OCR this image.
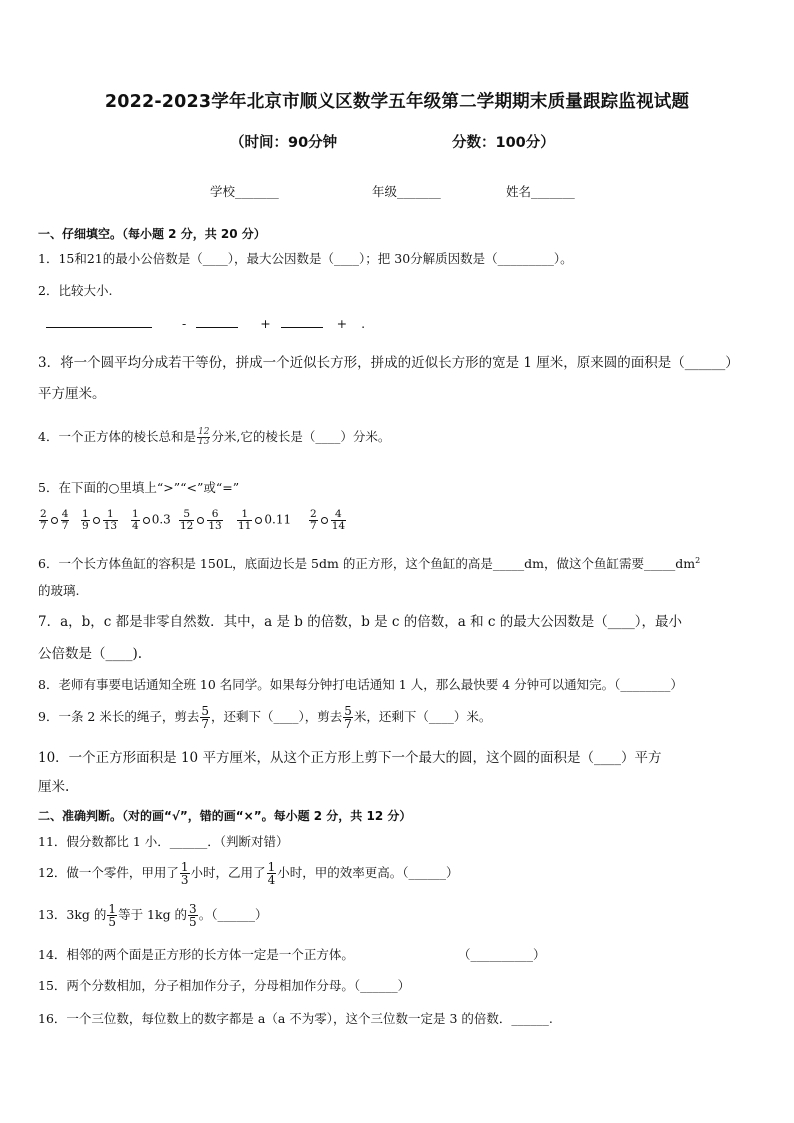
2022-2023学年北京市顺义区数学五年级第二学期期末质量跟踪监视试题
（时间：90分钟	分数：100分）
学校_______	年级_______	姓名_______
一、仔细填空。（每小题 2 分，共 20 分）
1．15和21的最小公倍数是（____），最大公因数是（____）；把 30分解质因数是（_________）。
2．比较大小.
-	+	+ .
3．将一个圆平均分成若干等份，拼成一个近似长方形，拼成的近似长方形的宽是 1 厘米，原来圆的面积是（______）
平方厘米。
4．一个正方体的棱长总和是 $\frac{12}{13}$ 分米,它的棱长是（____）分米。
5．在下面的○里填上“>”“<”或“=”
$\frac{2}{7} \frac{4}{7} \frac{1}{9} \frac{1}{13} \frac{1}{4} 0.3 \frac{5}{12} \frac{6}{13} \frac{1}{11} 0.11 \frac{2}{7} \frac{4}{14}$
6．一个长方体鱼缸的容积是 150L，底面边长是 5dm 的正方形，这个鱼缸的高是_____dm，做这个鱼缸需要$\_\_\_\_\_dm^2$
的玻璃.
7．a，b，c 都是非零自然数．其中，a 是 b 的倍数，b 是 c 的倍数，a 和 c 的最大公因数是（____），最小
公倍数是（____).
8．老师有事要电话通知全班 10 名同学。如果每分钟打电话通知 1 人，那么最快要 4 分钟可以通知完。（________）
9．一条 2 米长的绳子，剪去 $\frac{5}{7}$ ，还剩下（____），剪去 $\frac{5}{7}$ 米，还剩下（____）米。
10．一个正方形面积是 10 平方厘米，从这个正方形上剪下一个最大的圆，这个圆的面积是（____）平方
厘米.
二、准确判断。（对的画“√”，错的画“×”。每小题 2 分，共 12 分）
11．假分数都比 1 小．______．（判断对错）
12．做一个零件，甲用了 $\frac{1}{3}$ 小时，乙用了 $\frac{1}{4}$ 小时，甲的效率更高。（______）
13．3kg 的 $\frac{1}{5}$ 等于 1kg 的 $\frac{3}{5}$ 。（______）
14．相邻的两个面是正方形的长方体一定是一个正方体。	（__________）
15．两个分数相加，分子相加作分子，分母相加作分母。（______）
16．一个三位数，每位数上的数字都是 a（a 不为零），这个三位数一定是 3 的倍数．______.
